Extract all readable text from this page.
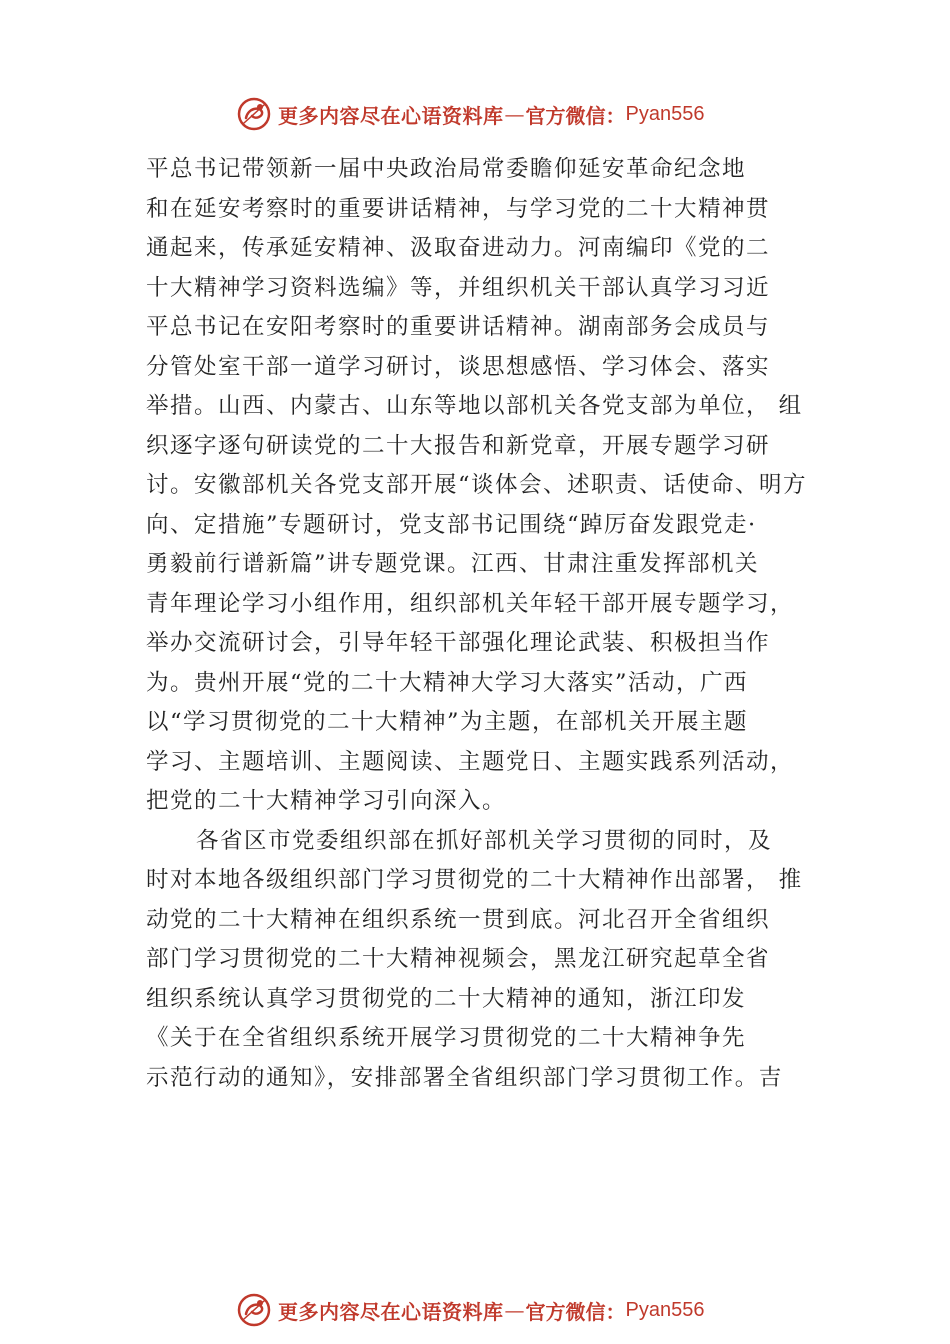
更多内容尽在心语资料库 — 官方微信： Pyan556
平总书记带领新一届中央政治局常委瞻仰延安革命纪念地
和在延安考察时的重要讲话精神，与学习党的二十大精神贯
通起来，传承延安精神、汲取奋进动力。河南编印《党的二
十大精神学习资料选编》等，并组织机关干部认真学习习近
平总书记在安阳考察时的重要讲话精神。湖南部务会成员与
分管处室干部一道学习研讨，谈思想感悟、学习体会、落实
举措。山西、内蒙古、山东等地以部机关各党支部为单位， 组
织逐字逐句研读党的二十大报告和新党章，开展专题学习研
讨。安徽部机关各党支部开展“谈体会、述职责、话使命、明方
向、定措施”专题研讨，党支部书记围绕“踔厉奋发跟党走·
勇毅前行谱新篇”讲专题党课。江西、甘肃注重发挥部机关
青年理论学习小组作用，组织部机关年轻干部开展专题学习，
举办交流研讨会，引导年轻干部强化理论武装、积极担当作
为。贵州开展“党的二十大精神大学习大落实”活动，广西
以“学习贯彻党的二十大精神”为主题，在部机关开展主题
学习、主题培训、主题阅读、主题党日、主题实践系列活动，
把党的二十大精神学习引向深入。
各省区市党委组织部在抓好部机关学习贯彻的同时，及
时对本地各级组织部门学习贯彻党的二十大精神作出部署， 推
动党的二十大精神在组织系统一贯到底。河北召开全省组织
部门学习贯彻党的二十大精神视频会，黑龙江研究起草全省
组织系统认真学习贯彻党的二十大精神的通知，浙江印发
《关于在全省组织系统开展学习贯彻党的二十大精神争先
示范行动的通知》，安排部署全省组织部门学习贯彻工作。吉
更多内容尽在心语资料库 — 官方微信： Pyan556
